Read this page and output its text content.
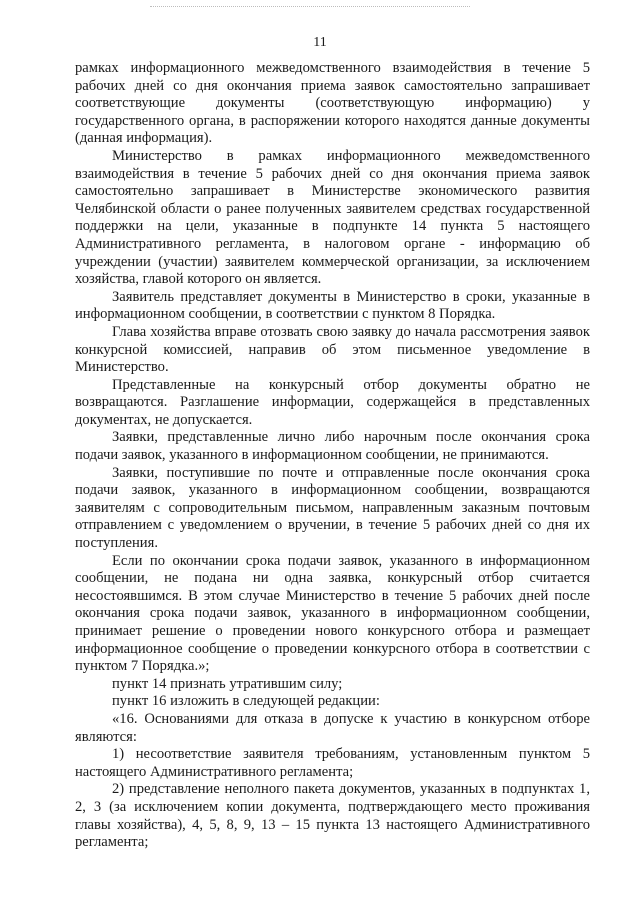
11

рамках информационного межведомственного взаимодействия в течение 5 рабочих дней со дня окончания приема заявок самостоятельно запрашивает соответствующие документы (соответствующую информацию) у государственного органа, в распоряжении которого находятся данные документы (данная информация).

Министерство в рамках информационного межведомственного взаимодействия в течение 5 рабочих дней со дня окончания приема заявок самостоятельно запрашивает в Министерстве экономического развития Челябинской области о ранее полученных заявителем средствах государственной поддержки на цели, указанные в подпункте 14 пункта 5 настоящего Административного регламента, в налоговом органе - информацию об учреждении (участии) заявителем коммерческой организации, за исключением хозяйства, главой которого он является.

Заявитель представляет документы в Министерство в сроки, указанные в информационном сообщении, в соответствии с пунктом 8 Порядка.

Глава хозяйства вправе отозвать свою заявку до начала рассмотрения заявок конкурсной комиссией, направив об этом письменное уведомление в Министерство.

Представленные на конкурсный отбор документы обратно не возвращаются. Разглашение информации, содержащейся в представленных документах, не допускается.

Заявки, представленные лично либо нарочным после окончания срока подачи заявок, указанного в информационном сообщении, не принимаются.

Заявки, поступившие по почте и отправленные после окончания срока подачи заявок, указанного в информационном сообщении, возвращаются заявителям с сопроводительным письмом, направленным заказным почтовым отправлением с уведомлением о вручении, в течение 5 рабочих дней со дня их поступления.

Если по окончании срока подачи заявок, указанного в информационном сообщении, не подана ни одна заявка, конкурсный отбор считается несостоявшимся. В этом случае Министерство в течение 5 рабочих дней после окончания срока подачи заявок, указанного в информационном сообщении, принимает решение о проведении нового конкурсного отбора и размещает информационное сообщение о проведении конкурсного отбора в соответствии с пунктом 7 Порядка.»;

пункт 14 признать утратившим силу;

пункт 16 изложить в следующей редакции:

«16. Основаниями для отказа в допуске к участию в конкурсном отборе являются:

1) несоответствие заявителя требованиям, установленным пунктом 5 настоящего Административного регламента;

2) представление неполного пакета документов, указанных в подпунктах 1, 2, 3 (за исключением копии документа, подтверждающего место проживания главы хозяйства), 4, 5, 8, 9, 13 – 15 пункта 13 настоящего Административного регламента;
